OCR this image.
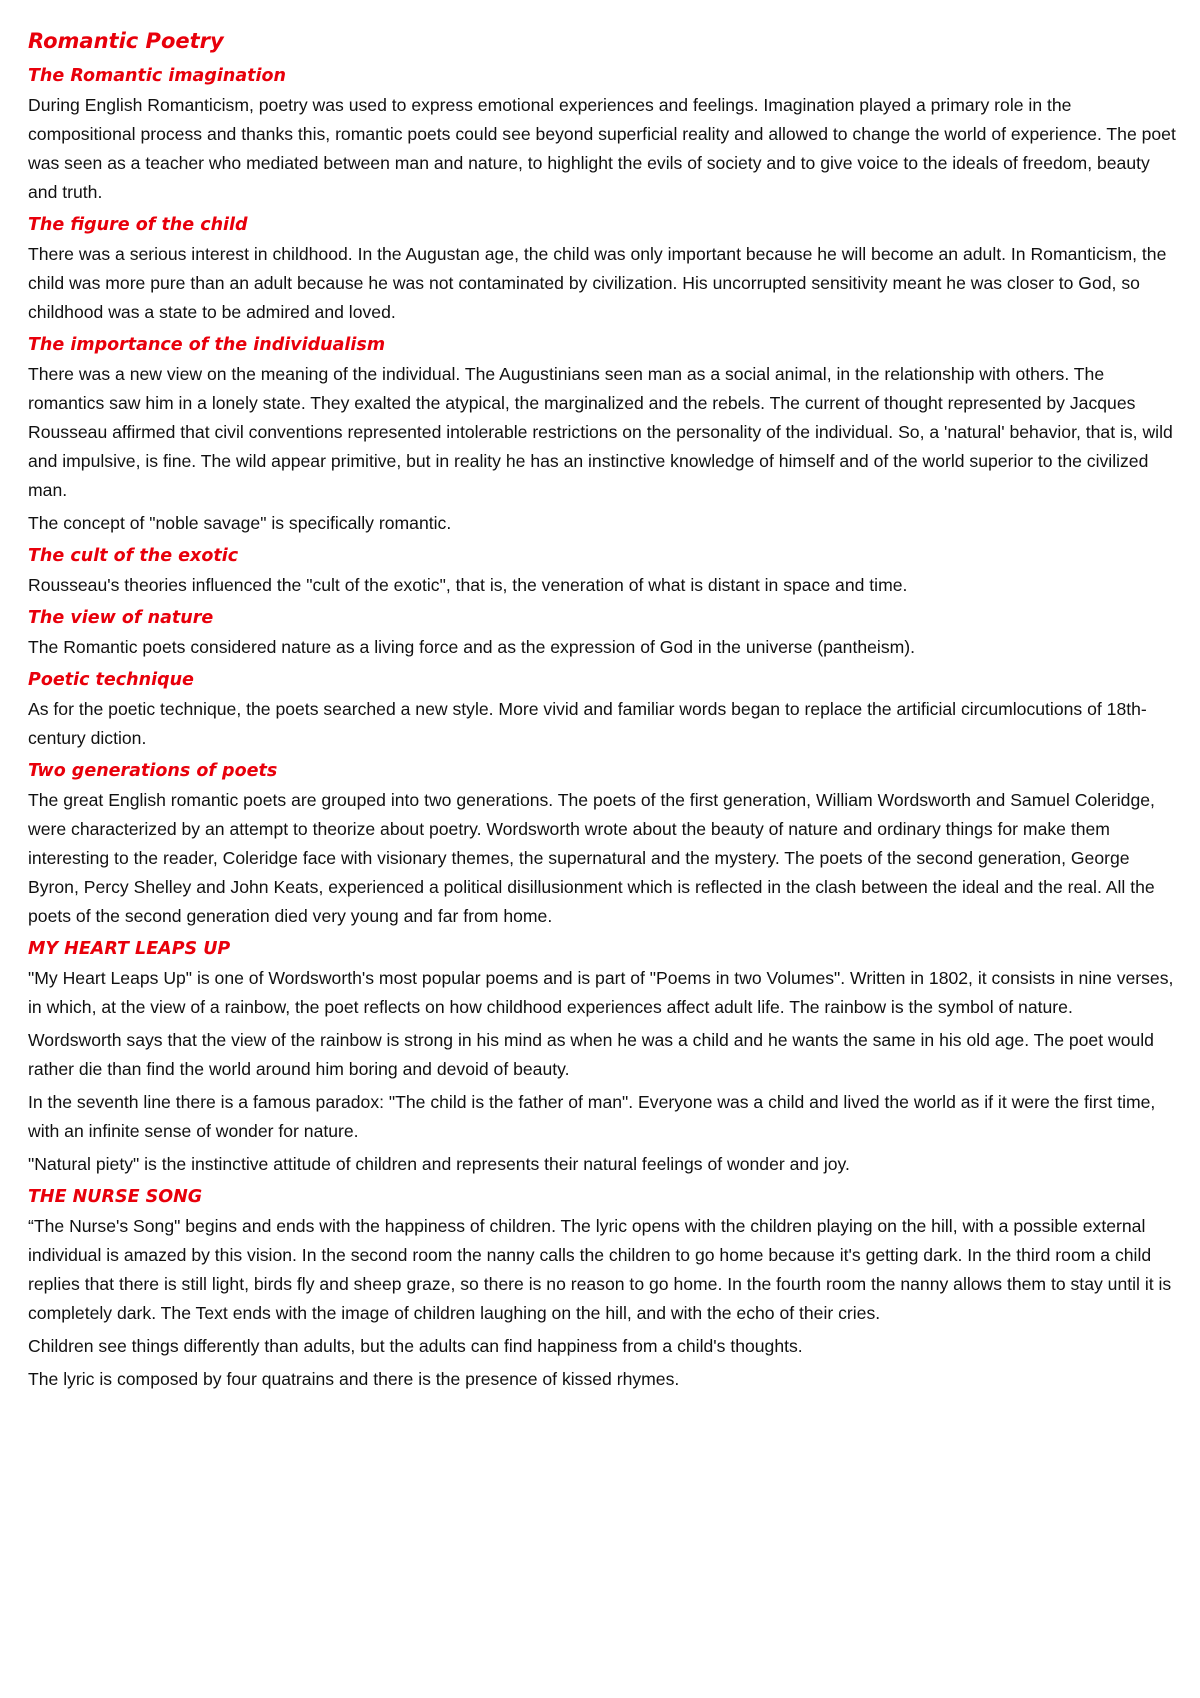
Romantic Poetry
The Romantic imagination

During English Romanticism, poetry was used to express emotional experiences and feelings. Imagination played a primary role in the compositional process and thanks this, romantic poets could see beyond superficial reality and allowed to change the world of experience. The poet was seen as a teacher who mediated between man and nature, to highlight the evils of society and to give voice to the ideals of freedom, beauty and truth.

The figure of the child

There was a serious interest in childhood. In the Augustan age, the child was only important because he will become an adult. In Romanticism, the child was more pure than an adult because he was not contaminated by civilization. His uncorrupted sensitivity meant he was closer to God, so childhood was a state to be admired and loved.

The importance of the individualism

There was a new view on the meaning of the individual. The Augustinians seen man as a social animal, in the relationship with others. The romantics saw him in a lonely state. They exalted the atypical, the marginalized and the rebels. The current of thought represented by Jacques Rousseau affirmed that civil conventions represented intolerable restrictions on the personality of the individual. So, a 'natural' behavior, that is, wild and impulsive, is fine. The wild appear primitive, but in reality he has an instinctive knowledge of himself and of the world superior to the civilized man.

The concept of "noble savage" is specifically romantic.

The cult of the exotic

Rousseau's theories influenced the "cult of the exotic", that is, the veneration of what is distant in space and time.

The view of nature

The Romantic poets considered nature as a living force and as the expression of God in the universe (pantheism).

Poetic technique

As for the poetic technique, the poets searched a new style. More vivid and familiar words began to replace the artificial circumlocutions of 18th-century diction.

Two generations of poets

The great English romantic poets are grouped into two generations. The poets of the first generation, William Wordsworth and Samuel Coleridge, were characterized by an attempt to theorize about poetry. Wordsworth wrote about the beauty of nature and ordinary things for make them interesting to the reader, Coleridge face with visionary themes, the supernatural and the mystery. The poets of the second generation, George Byron, Percy Shelley and John Keats, experienced a political disillusionment which is reflected in the clash between the ideal and the real. All the poets of the second generation died very young and far from home.

MY HEART LEAPS UP

"My Heart Leaps Up" is one of Wordsworth's most popular poems and is part of "Poems in two Volumes". Written in 1802, it consists in nine verses, in which, at the view of a rainbow, the poet reflects on how childhood experiences affect adult life. The rainbow is the symbol of nature.

Wordsworth says that the view of the rainbow is strong in his mind as when he was a child and he wants the same in his old age. The poet would rather die than find the world around him boring and devoid of beauty.

In the seventh line there is a famous paradox: "The child is the father of man". Everyone was a child and lived the world as if it were the first time, with an infinite sense of wonder for nature.

"Natural piety" is the instinctive attitude of children and represents their natural feelings of wonder and joy.

THE NURSE SONG

“The Nurse's Song" begins and ends with the happiness of children. The lyric opens with the children playing on the hill, with a possible external individual is amazed by this vision. In the second room the nanny calls the children to go home because it's getting dark. In the third room a child replies that there is still light, birds fly and sheep graze, so there is no reason to go home. In the fourth room the nanny allows them to stay until it is completely dark. The Text ends with the image of children laughing on the hill, and with the echo of their cries.

Children see things differently than adults, but the adults can find happiness from a child's thoughts.

The lyric is composed by four quatrains and there is the presence of kissed rhymes.
